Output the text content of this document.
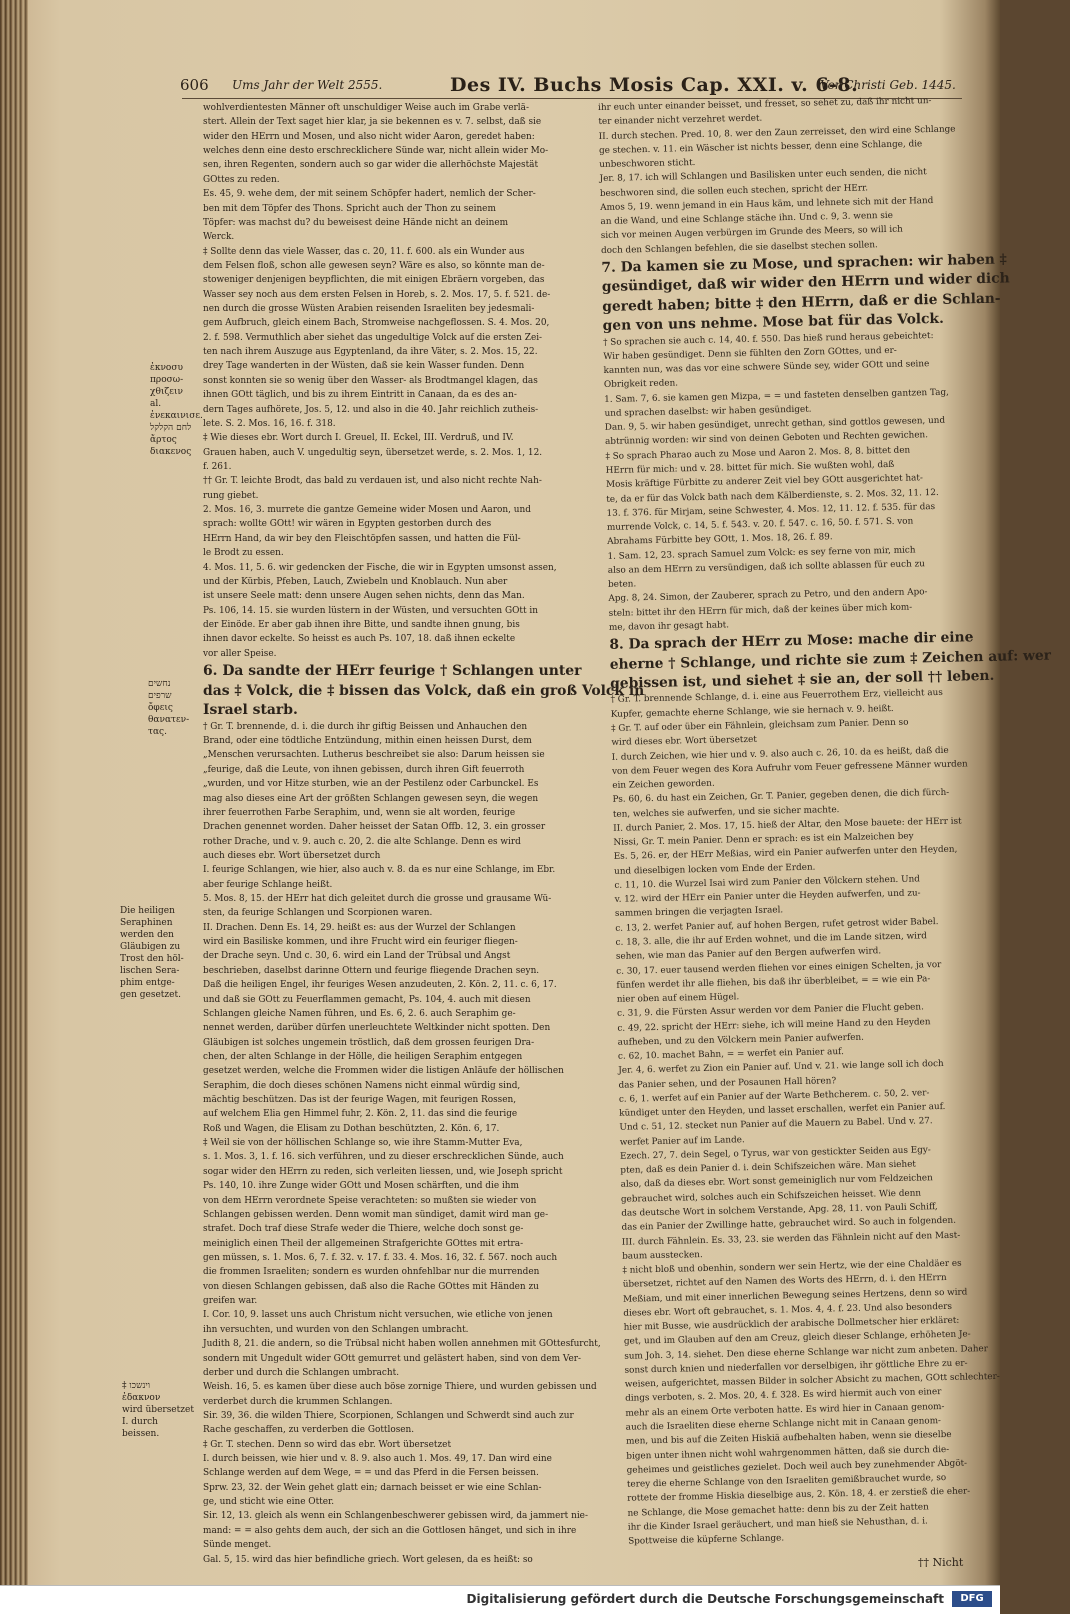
606 Ums Jahr der Welt 2555.	Des IV. Buchs Mosis Cap. XXI. v. 6-8.
Vor Christi Geb. 1445.

wohlverdientesten Männer oft unschuldiger Weise auch im Grabe verlä-

stert. Allein der Text saget hier klar, ja sie bekennen es v. 7. selbst, daß sie

wider den HErrn und Mosen, und also nicht wider Aaron, geredet haben:

welches denn eine desto erschrecklichere Sünde war, nicht allein wider Mo-

sen, ihren Regenten, sondern auch so gar wider die allerhöchste Majestät

GOttes zu reden.

Es. 45, 9. wehe dem, der mit seinem Schöpfer hadert, nemlich der Scher-

ben mit dem Töpfer des Thons. Spricht auch der Thon zu seinem

Töpfer: was machst du? du beweisest deine Hände nicht an deinem

Werck.

‡ Sollte denn das viele Wasser, das c. 20, 11. f. 600. als ein Wunder aus

dem Felsen floß, schon alle gewesen seyn? Wäre es also, so könnte man de-

stoweniger denjenigen beypflichten, die mit einigen Ebräern vorgeben, das

Wasser sey noch aus dem ersten Felsen in Horeb, s. 2. Mos. 17, 5. f. 521. de-

nen durch die grosse Wüsten Arabien reisenden Israeliten bey jedesmali-

gem Aufbruch, gleich einem Bach, Stromweise nachgeflossen. S. 4. Mos. 20,

2. f. 598. Vermuthlich aber siehet das ungedultige Volck auf die ersten Zei-

ten nach ihrem Auszuge aus Egyptenland, da ihre Väter, s. 2. Mos. 15, 22.

drey Tage wanderten in der Wüsten, daß sie kein Wasser funden. Denn

sonst konnten sie so wenig über den Wasser- als Brodtmangel klagen, das

ihnen GOtt täglich, und bis zu ihrem Eintritt in Canaan, da es des an-

dern Tages aufhörete, Jos. 5, 12. und also in die 40. Jahr reichlich zutheis-

lete. S. 2. Mos. 16, 16. f. 318.

‡ Wie dieses ebr. Wort durch I. Greuel, II. Eckel, III. Verdruß, und IV.

Grauen haben, auch V. ungedultig seyn, übersetzet werde, s. 2. Mos. 1, 12.

f. 261.

†† Gr. T. leichte Brodt, das bald zu verdauen ist, und also nicht rechte Nah-

rung giebet.

2. Mos. 16, 3. murrete die gantze Gemeine wider Mosen und Aaron, und

sprach: wollte GOtt! wir wären in Egypten gestorben durch des

HErrn Hand, da wir bey den Fleischtöpfen sassen, und hatten die Fül-

le Brodt zu essen.

4. Mos. 11, 5. 6. wir gedencken der Fische, die wir in Egypten umsonst assen,

und der Kürbis, Pfeben, Lauch, Zwiebeln und Knoblauch. Nun aber

ist unsere Seele matt: denn unsere Augen sehen nichts, denn das Man.

Ps. 106, 14. 15. sie wurden lüstern in der Wüsten, und versuchten GOtt in

der Einöde. Er aber gab ihnen ihre Bitte, und sandte ihnen gnung, bis

ihnen davor eckelte. So heisst es auch Ps. 107, 18. daß ihnen eckelte

vor aller Speise.

6. Da sandte der HErr feurige † Schlangen unter

das ‡ Volck, die ‡ bissen das Volck, daß ein groß Volck in

Israel starb.

† Gr. T. brennende, d. i. die durch ihr giftig Beissen und Anhauchen den

Brand, oder eine tödtliche Entzündung, mithin einen heissen Durst, dem

„Menschen verursachten. Lutherus beschreibet sie also: Darum heissen sie

„feurige, daß die Leute, von ihnen gebissen, durch ihren Gift feuerroth

„wurden, und vor Hitze sturben, wie an der Pestilenz oder Carbunckel. Es

mag also dieses eine Art der größten Schlangen gewesen seyn, die wegen

ihrer feuerrothen Farbe Seraphim, und, wenn sie alt worden, feurige

Drachen genennet worden. Daher heisset der Satan Offb. 12, 3. ein grosser

rother Drache, und v. 9. auch c. 20, 2. die alte Schlange. Denn es wird

auch dieses ebr. Wort übersetzet durch

I. feurige Schlangen, wie hier, also auch v. 8. da es nur eine Schlange, im Ebr.

aber feurige Schlange heißt.

5. Mos. 8, 15. der HErr hat dich geleitet durch die grosse und grausame Wü-

sten, da feurige Schlangen und Scorpionen waren.

II. Drachen. Denn Es. 14, 29. heißt es: aus der Wurzel der Schlangen

wird ein Basiliske kommen, und ihre Frucht wird ein feuriger fliegen-

der Drache seyn. Und c. 30, 6. wird ein Land der Trübsal und Angst

beschrieben, daselbst darinne Ottern und feurige fliegende Drachen seyn.

Daß die heiligen Engel, ihr feuriges Wesen anzudeuten, 2. Kön. 2, 11. c. 6, 17.

und daß sie GOtt zu Feuerflammen gemacht, Ps. 104, 4. auch mit diesen

Schlangen gleiche Namen führen, und Es. 6, 2. 6. auch Seraphim ge-

nennet werden, darüber dürfen unerleuchtete Weltkinder nicht spotten. Den

Gläubigen ist solches ungemein tröstlich, daß dem grossen feurigen Dra-

chen, der alten Schlange in der Hölle, die heiligen Seraphim entgegen

gesetzet werden, welche die Frommen wider die listigen Anläufe der höllischen

Seraphim, die doch dieses schönen Namens nicht einmal würdig sind,

mächtig beschützen. Das ist der feurige Wagen, mit feurigen Rossen,

auf welchem Elia gen Himmel fuhr, 2. Kön. 2, 11. das sind die feurige

Roß und Wagen, die Elisam zu Dothan beschützten, 2. Kön. 6, 17.

‡ Weil sie von der höllischen Schlange so, wie ihre Stamm-Mutter Eva,

s. 1. Mos. 3, 1. f. 16. sich verführen, und zu dieser erschrecklichen Sünde, auch

sogar wider den HErrn zu reden, sich verleiten liessen, und, wie Joseph spricht

Ps. 140, 10. ihre Zunge wider GOtt und Mosen schärften, und die ihm

von dem HErrn verordnete Speise verachteten: so mußten sie wieder von

Schlangen gebissen werden. Denn womit man sündiget, damit wird man ge-

strafet. Doch traf diese Strafe weder die Thiere, welche doch sonst ge-

meiniglich einen Theil der allgemeinen Strafgerichte GOttes mit ertra-

gen müssen, s. 1. Mos. 6, 7. f. 32. v. 17. f. 33. 4. Mos. 16, 32. f. 567. noch auch

die frommen Israeliten; sondern es wurden ohnfehlbar nur die murrenden

von diesen Schlangen gebissen, daß also die Rache GOttes mit Händen zu

greifen war.

I. Cor. 10, 9. lasset uns auch Christum nicht versuchen, wie etliche von jenen

ihn versuchten, und wurden von den Schlangen umbracht.

Judith 8, 21. die andern, so die Trübsal nicht haben wollen annehmen mit GOttesfurcht,

sondern mit Ungedult wider GOtt gemurret und gelästert haben, sind von dem Ver-

derber und durch die Schlangen umbracht.

Weish. 16, 5. es kamen über diese auch böse zornige Thiere, und wurden gebissen und

verderbet durch die krummen Schlangen.

Sir. 39, 36. die wilden Thiere, Scorpionen, Schlangen und Schwerdt sind auch zur

Rache geschaffen, zu verderben die Gottlosen.

‡ Gr. T. stechen. Denn so wird das ebr. Wort übersetzet

I. durch beissen, wie hier und v. 8. 9. also auch 1. Mos. 49, 17. Dan wird eine

Schlange werden auf dem Wege, = = und das Pferd in die Fersen beissen.

Sprw. 23, 32. der Wein gehet glatt ein; darnach beisset er wie eine Schlan-

ge, und sticht wie eine Otter.

Sir. 12, 13. gleich als wenn ein Schlangenbeschwerer gebissen wird, da jammert nie-

mand: = = also gehts dem auch, der sich an die Gottlosen hänget, und sich in ihre

Sünde menget.

Gal. 5, 15. wird das hier befindliche griech. Wort gelesen, da es heißt: so

ihr euch unter einander beisset, und fresset, so sehet zu, daß ihr nicht un-

ter einander nicht verzehret werdet.

II. durch stechen. Pred. 10, 8. wer den Zaun zerreisset, den wird eine Schlange

ge stechen. v. 11. ein Wäscher ist nichts besser, denn eine Schlange, die

unbeschworen sticht.

Jer. 8, 17. ich will Schlangen und Basilisken unter euch senden, die nicht

beschworen sind, die sollen euch stechen, spricht der HErr.

Amos 5, 19. wenn jemand in ein Haus käm, und lehnete sich mit der Hand

an die Wand, und eine Schlange stäche ihn. Und c. 9, 3. wenn sie

sich vor meinen Augen verbürgen im Grunde des Meers, so will ich

doch den Schlangen befehlen, die sie daselbst stechen sollen.

7. Da kamen sie zu Mose, und sprachen: wir haben ‡

gesündiget, daß wir wider den HErrn und wider dich

geredt haben; bitte ‡ den HErrn, daß er die Schlan-

gen von uns nehme. Mose bat für das Volck.

† So sprachen sie auch c. 14, 40. f. 550. Das hieß rund heraus gebeichtet:

Wir haben gesündiget. Denn sie fühlten den Zorn GOttes, und er-

kannten nun, was das vor eine schwere Sünde sey, wider GOtt und seine

Obrigkeit reden.

1. Sam. 7, 6. sie kamen gen Mizpa, = = und fasteten denselben gantzen Tag,

und sprachen daselbst: wir haben gesündiget.

Dan. 9, 5. wir haben gesündiget, unrecht gethan, sind gottlos gewesen, und

abtrünnig worden: wir sind von deinen Geboten und Rechten gewichen.

‡ So sprach Pharao auch zu Mose und Aaron 2. Mos. 8, 8. bittet den

HErrn für mich: und v. 28. bittet für mich. Sie wußten wohl, daß

Mosis kräftige Fürbitte zu anderer Zeit viel bey GOtt ausgerichtet hat-

te, da er für das Volck bath nach dem Kälberdienste, s. 2. Mos. 32, 11. 12.

13. f. 376. für Mirjam, seine Schwester, 4. Mos. 12, 11. 12. f. 535. für das

murrende Volck, c. 14, 5. f. 543. v. 20. f. 547. c. 16, 50. f. 571. S. von

Abrahams Fürbitte bey GOtt, 1. Mos. 18, 26. f. 89.

1. Sam. 12, 23. sprach Samuel zum Volck: es sey ferne von mir, mich

also an dem HErrn zu versündigen, daß ich sollte ablassen für euch zu

beten.

Apg. 8, 24. Simon, der Zauberer, sprach zu Petro, und den andern Apo-

steln: bittet ihr den HErrn für mich, daß der keines über mich kom-

me, davon ihr gesagt habt.

8. Da sprach der HErr zu Mose: mache dir eine

eherne † Schlange, und richte sie zum ‡ Zeichen auf: wer

gebissen ist, und siehet ‡ sie an, der soll †† leben.

† Gr. T. brennende Schlange, d. i. eine aus Feuerrothem Erz, vielleicht aus

Kupfer, gemachte eherne Schlange, wie sie hernach v. 9. heißt.

‡ Gr. T. auf oder über ein Fähnlein, gleichsam zum Panier. Denn so

wird dieses ebr. Wort übersetzet

I. durch Zeichen, wie hier und v. 9. also auch c. 26, 10. da es heißt, daß die

von dem Feuer wegen des Kora Aufruhr vom Feuer gefressene Männer wurden

ein Zeichen geworden.

Ps. 60, 6. du hast ein Zeichen, Gr. T. Panier, gegeben denen, die dich fürch-

ten, welches sie aufwerfen, und sie sicher machte.

II. durch Panier, 2. Mos. 17, 15. hieß der Altar, den Mose bauete: der HErr ist

Nissi, Gr. T. mein Panier. Denn er sprach: es ist ein Malzeichen bey

Es. 5, 26. er, der HErr Meßias, wird ein Panier aufwerfen unter den Heyden,

und dieselbigen locken vom Ende der Erden.

c. 11, 10. die Wurzel Isai wird zum Panier den Völckern stehen. Und

v. 12. wird der HErr ein Panier unter die Heyden aufwerfen, und zu-

sammen bringen die verjagten Israel.

c. 13, 2. werfet Panier auf, auf hohen Bergen, rufet getrost wider Babel.

c. 18, 3. alle, die ihr auf Erden wohnet, und die im Lande sitzen, wird

sehen, wie man das Panier auf den Bergen aufwerfen wird.

c. 30, 17. euer tausend werden fliehen vor eines einigen Schelten, ja vor

fünfen werdet ihr alle fliehen, bis daß ihr überbleibet, = = wie ein Pa-

nier oben auf einem Hügel.

c. 31, 9. die Fürsten Assur werden vor dem Panier die Flucht geben.

c. 49, 22. spricht der HErr: siehe, ich will meine Hand zu den Heyden

aufheben, und zu den Völckern mein Panier aufwerfen.

c. 62, 10. machet Bahn, = = werfet ein Panier auf.

Jer. 4, 6. werfet zu Zion ein Panier auf. Und v. 21. wie lange soll ich doch

das Panier sehen, und der Posaunen Hall hören?

c. 6, 1. werfet auf ein Panier auf der Warte Bethcherem. c. 50, 2. ver-

kündiget unter den Heyden, und lasset erschallen, werfet ein Panier auf.

Und c. 51, 12. stecket nun Panier auf die Mauern zu Babel. Und v. 27.

werfet Panier auf im Lande.

Ezech. 27, 7. dein Segel, o Tyrus, war von gestickter Seiden aus Egy-

pten, daß es dein Panier d. i. dein Schifszeichen wäre. Man siehet

also, daß da dieses ebr. Wort sonst gemeiniglich nur vom Feldzeichen

gebrauchet wird, solches auch ein Schifszeichen heisset. Wie denn

das deutsche Wort in solchem Verstande, Apg. 28, 11. von Pauli Schiff,

das ein Panier der Zwillinge hatte, gebrauchet wird. So auch in folgenden.

III. durch Fähnlein. Es. 33, 23. sie werden das Fähnlein nicht auf den Mast-

baum ausstecken.

‡ nicht bloß und obenhin, sondern wer sein Hertz, wie der eine Chaldäer es

übersetzet, richtet auf den Namen des Worts des HErrn, d. i. den HErrn

Meßiam, und mit einer innerlichen Bewegung seines Hertzens, denn so wird

dieses ebr. Wort oft gebrauchet, s. 1. Mos. 4, 4. f. 23. Und also besonders

hier mit Busse, wie ausdrücklich der arabische Dollmetscher hier erkläret:

get, und im Glauben auf den am Creuz, gleich dieser Schlange, erhöheten Je-

sum Joh. 3, 14. siehet. Den diese eherne Schlange war nicht zum anbeten. Daher

sonst durch knien und niederfallen vor derselbigen, ihr göttliche Ehre zu er-

weisen, aufgerichtet, massen Bilder in solcher Absicht zu machen, GOtt schlechter-

dings verboten, s. 2. Mos. 20, 4. f. 328. Es wird hiermit auch von einer

mehr als an einem Orte verboten hatte. Es wird hier in Canaan genom-

auch die Israeliten diese eherne Schlange nicht mit in Canaan genom-

men, und bis auf die Zeiten Hiskiä aufbehalten haben, wenn sie dieselbe

bigen unter ihnen nicht wohl wahrgenommen hätten, daß sie durch die-

geheimes und geistliches gezielet. Doch weil auch bey zunehmender Abgöt-

terey die eherne Schlange von den Israeliten gemißbrauchet wurde, so

rottete der fromme Hiskia dieselbige aus, 2. Kön. 18, 4. er zerstieß die eher-

ne Schlange, die Mose gemachet hatte: denn bis zu der Zeit hatten

ihr die Kinder Israel geräuchert, und man hieß sie Nehusthan, d. i.

Spottweise die küpferne Schlange.

ἐκνοσυ

προσω-

χθιζειν

al.

ἐνεκαινισε.

לחם הקלקל

ἄρτος

διακενος

נחשים

שרפים

ὄφεις

θανατεν-

τας.

Die heiligen

Seraphinen

werden den

Gläubigen zu

Trost den höl-

lischen Sera-

phim entge-

gen gesetzet.

‡ וינשכו

ἐδακνον

wird übersetzet

I. durch

beissen.

†† Nicht
Digitalisierung gefördert durch die Deutsche Forschungsgemeinschaft	DFG
